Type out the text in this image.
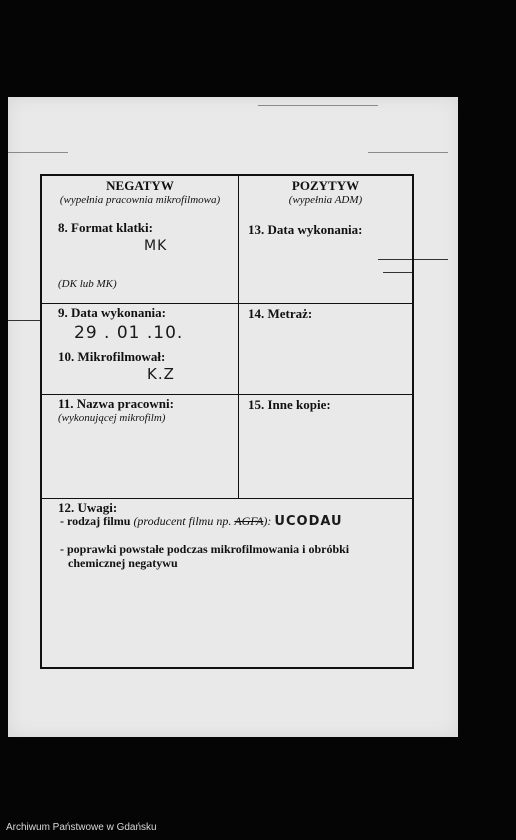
NEGATYW
(wypełnia pracownia mikrofilmowa)
8. Format klatki:
MK
(DK lub MK)
POZYTYW
(wypełnia ADM)
13. Data wykonania:
9. Data wykonania:
29 . 01 .10.
10. Mikrofilmował:
K.Z
14. Metraż:
11. Nazwa pracowni:
(wykonującej mikrofilm)
15. Inne kopie:
12. Uwagi:
- rodzaj filmu (producent filmu np. AGFA): UCODAU
- poprawki powstałe podczas mikrofilmowania i obróbki
chemicznej negatywu
Archiwum Państwowe w Gdańsku
